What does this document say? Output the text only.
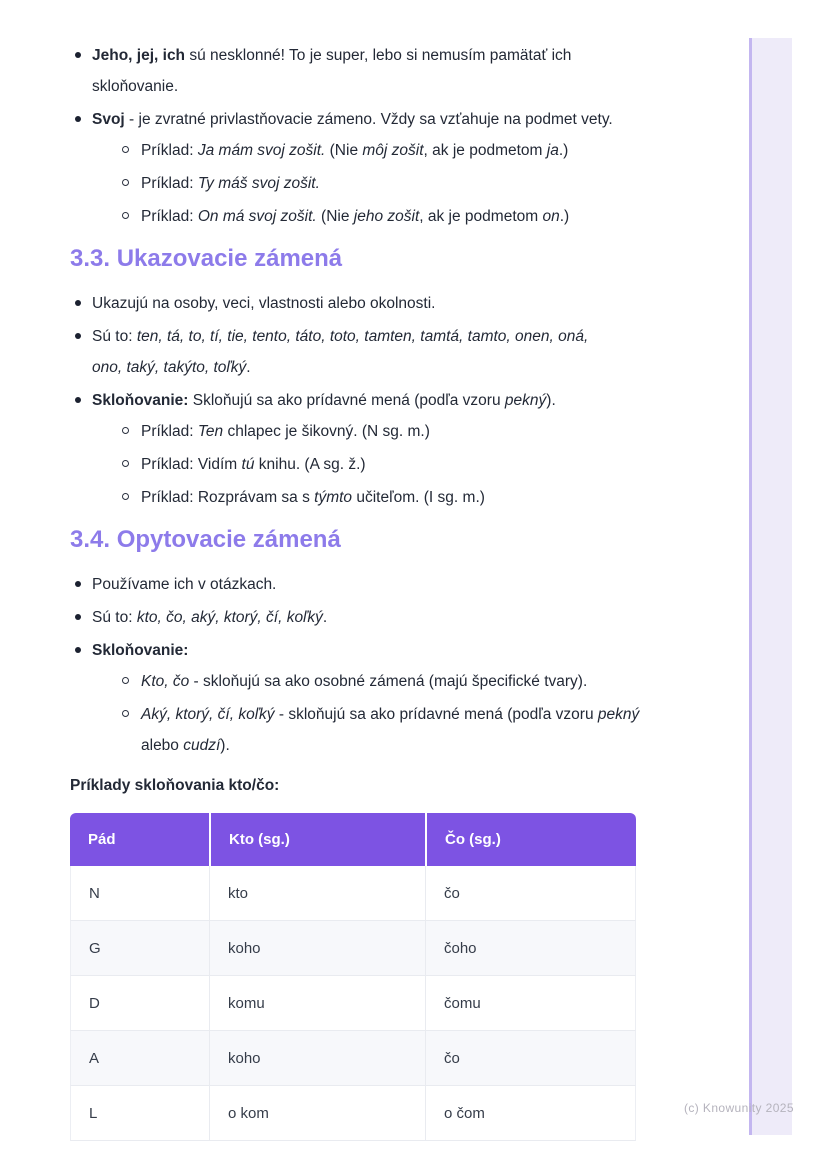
Jeho, jej, ich sú nesklonné! To je super, lebo si nemusím pamätať ich
skloňovanie.
Svoj - je zvratné privlastňovacie zámeno. Vždy sa vzťahuje na podmet vety.
Príklad: Ja mám svoj zošit. (Nie môj zošit, ak je podmetom ja.)
Príklad: Ty máš svoj zošit.
Príklad: On má svoj zošit. (Nie jeho zošit, ak je podmetom on.)
3.3. Ukazovacie zámená
Ukazujú na osoby, veci, vlastnosti alebo okolnosti.
Sú to: ten, tá, to, tí, tie, tento, táto, toto, tamten, tamtá, tamto, onen, oná,
ono, taký, takýto, toľký.
Skloňovanie: Skloňujú sa ako prídavné mená (podľa vzoru pekný).
Príklad: Ten chlapec je šikovný. (N sg. m.)
Príklad: Vidím tú knihu. (A sg. ž.)
Príklad: Rozprávam sa s týmto učiteľom. (I sg. m.)
3.4. Opytovacie zámená
Používame ich v otázkach.
Sú to: kto, čo, aký, ktorý, čí, koľký.
Skloňovanie:
Kto, čo - skloňujú sa ako osobné zámená (majú špecifické tvary).
Aký, ktorý, čí, koľký - skloňujú sa ako prídavné mená (podľa vzoru pekný
alebo cudzí).

Príklady skloňovania kto/čo:

Pád	Kto (sg.)	Čo (sg.)
N	kto	čo
G	koho	čoho
D	komu	čomu
A	koho	čo
L	o kom	o čom	(c) Knowunity 2025
